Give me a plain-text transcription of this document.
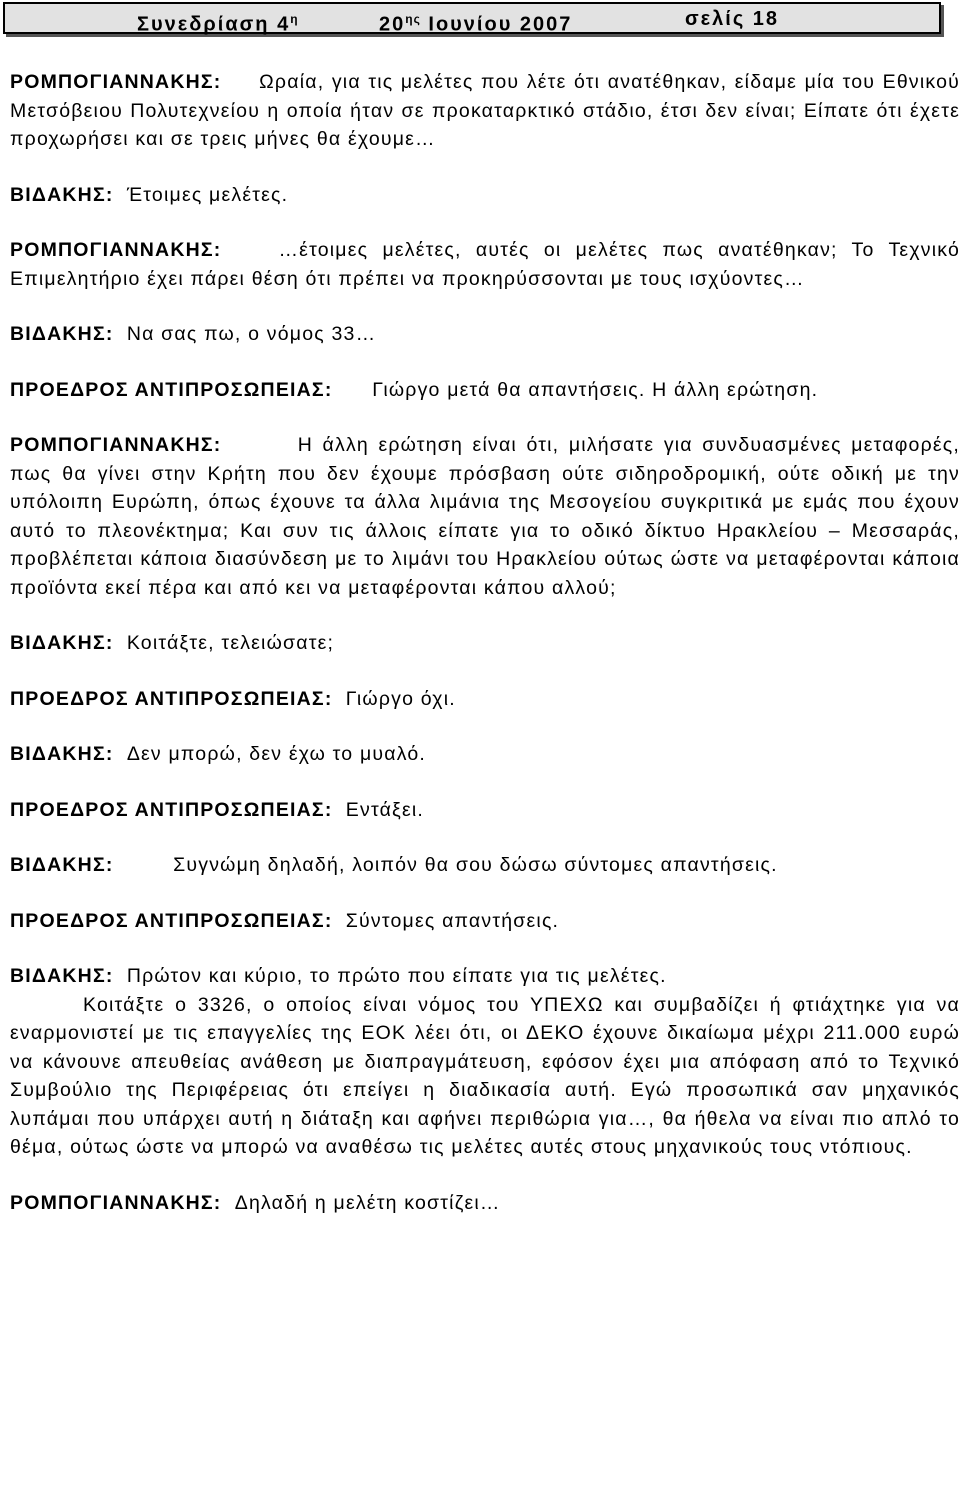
Συνεδρίαση $4^\eta$	$20^{\eta\varsigma}$ Ιουνίου 2007	σελίς 18

ΡΟΜΠΟΓΙΑΝΝΑΚΗΣ: Ωραία, για τις μελέτες που λέτε ότι ανατέθηκαν, είδαμε μία του Εθνικού Μετσόβειου Πολυτεχνείου η οποία ήταν σε προκαταρκτικό στάδιο, έτσι δεν είναι; Είπατε ότι έχετε προχωρήσει και σε τρεις μήνες θα έχουμε…

ΒΙΔΑΚΗΣ: Έτοιμες μελέτες.

ΡΟΜΠΟΓΙΑΝΝΑΚΗΣ:	…έτοιμες μελέτες, αυτές οι μελέτες πως ανατέθηκαν; Το Τεχνικό Επιμελητήριο έχει πάρει θέση ότι πρέπει να προκηρύσσονται με τους ισχύοντες…

ΒΙΔΑΚΗΣ: Να σας πω, ο νόμος 33…

ΠΡΟΕΔΡΟΣ ΑΝΤΙΠΡΟΣΩΠΕΙΑΣ: Γιώργο μετά θα απαντήσεις. Η άλλη ερώτηση.

ΡΟΜΠΟΓΙΑΝΝΑΚΗΣ:	Η άλλη ερώτηση είναι ότι, μιλήσατε για συνδυασμένες μεταφορές, πως θα γίνει στην Κρήτη που δεν έχουμε πρόσβαση ούτε σιδηροδρομική, ούτε οδική με την υπόλοιπη Ευρώπη, όπως έχουνε τα άλλα λιμάνια της Μεσογείου συγκριτικά με εμάς που έχουν αυτό το πλεονέκτημα; Και συν τις άλλοις είπατε για το οδικό δίκτυο Ηρακλείου – Μεσσαράς, προβλέπεται κάποια διασύνδεση με το λιμάνι του Ηρακλείου ούτως ώστε να μεταφέρονται κάποια προϊόντα εκεί πέρα και από κει να μεταφέρονται κάπου αλλού;

ΒΙΔΑΚΗΣ: Κοιτάξτε, τελειώσατε;

ΠΡΟΕΔΡΟΣ ΑΝΤΙΠΡΟΣΩΠΕΙΑΣ: Γιώργο όχι.

ΒΙΔΑΚΗΣ: Δεν μπορώ, δεν έχω το μυαλό.

ΠΡΟΕΔΡΟΣ ΑΝΤΙΠΡΟΣΩΠΕΙΑΣ: Εντάξει.

ΒΙΔΑΚΗΣ:	Συγνώμη δηλαδή, λοιπόν θα σου δώσω σύντομες απαντήσεις.

ΠΡΟΕΔΡΟΣ ΑΝΤΙΠΡΟΣΩΠΕΙΑΣ: Σύντομες απαντήσεις.

ΒΙΔΑΚΗΣ: Πρώτον και κύριο, το πρώτο που είπατε για τις μελέτες.
Κοιτάξτε ο 3326, ο οποίος είναι νόμος του ΥΠΕΧΩ και συμβαδίζει ή φτιάχτηκε για να εναρμονιστεί με τις επαγγελίες της ΕΟΚ λέει ότι, οι ΔΕΚΟ έχουνε δικαίωμα μέχρι 211.000 ευρώ να κάνουνε απευθείας ανάθεση με διαπραγμάτευση, εφόσον έχει μια απόφαση από το Τεχνικό Συμβούλιο της Περιφέρειας ότι επείγει η διαδικασία αυτή. Εγώ προσωπικά σαν μηχανικός λυπάμαι που υπάρχει αυτή η διάταξη και αφήνει περιθώρια για…, θα ήθελα να είναι πιο απλό το θέμα, ούτως ώστε να μπορώ να αναθέσω τις μελέτες αυτές στους μηχανικούς τους ντόπιους.

ΡΟΜΠΟΓΙΑΝΝΑΚΗΣ: Δηλαδή η μελέτη κοστίζει…
